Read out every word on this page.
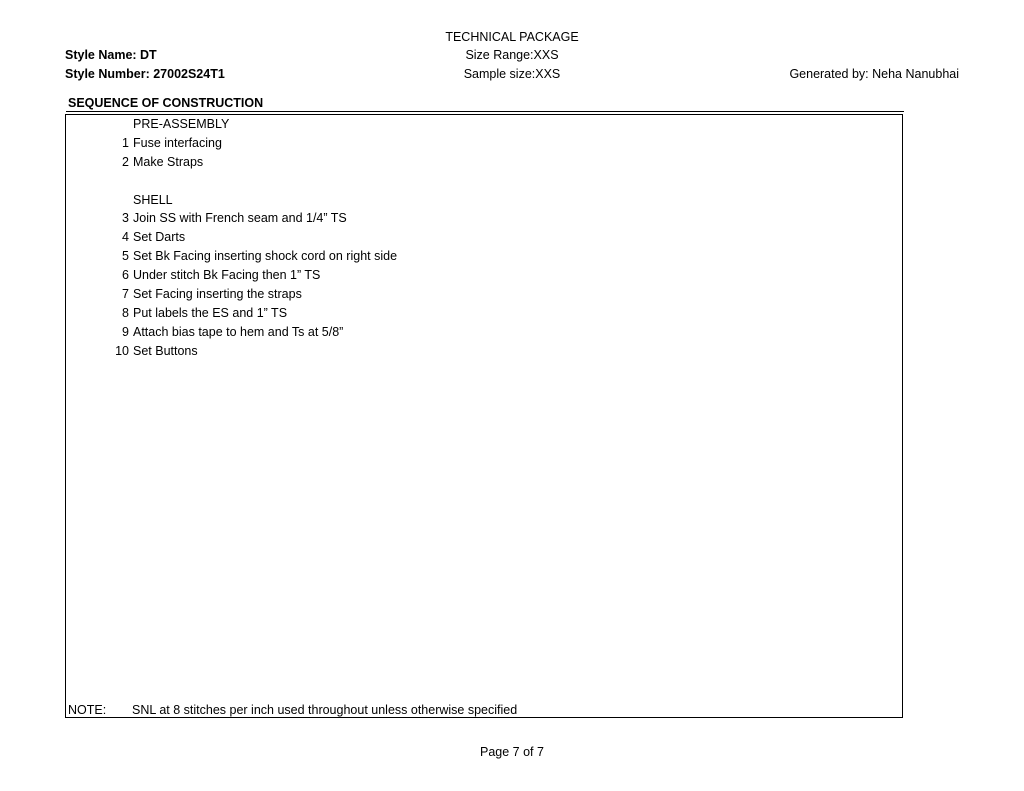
TECHNICAL PACKAGE
Size Range:XXS
Sample size:XXS
Style Name: DT
Style Number: 27002S24T1	Generated by: Neha Nanubhai
SEQUENCE OF CONSTRUCTION
PRE-ASSEMBLY
1 Fuse interfacing
2 Make Straps
SHELL
3 Join SS with French seam and 1/4” TS
4 Set Darts
5 Set Bk Facing inserting shock cord on right side
6 Under stitch Bk Facing then 1” TS
7 Set Facing inserting the straps
8 Put labels the ES and 1” TS
9 Attach bias tape to hem and Ts at 5/8”
10 Set Buttons
NOTE: SNL at 8 stitches per inch used throughout unless otherwise specified
Page 7 of 7
